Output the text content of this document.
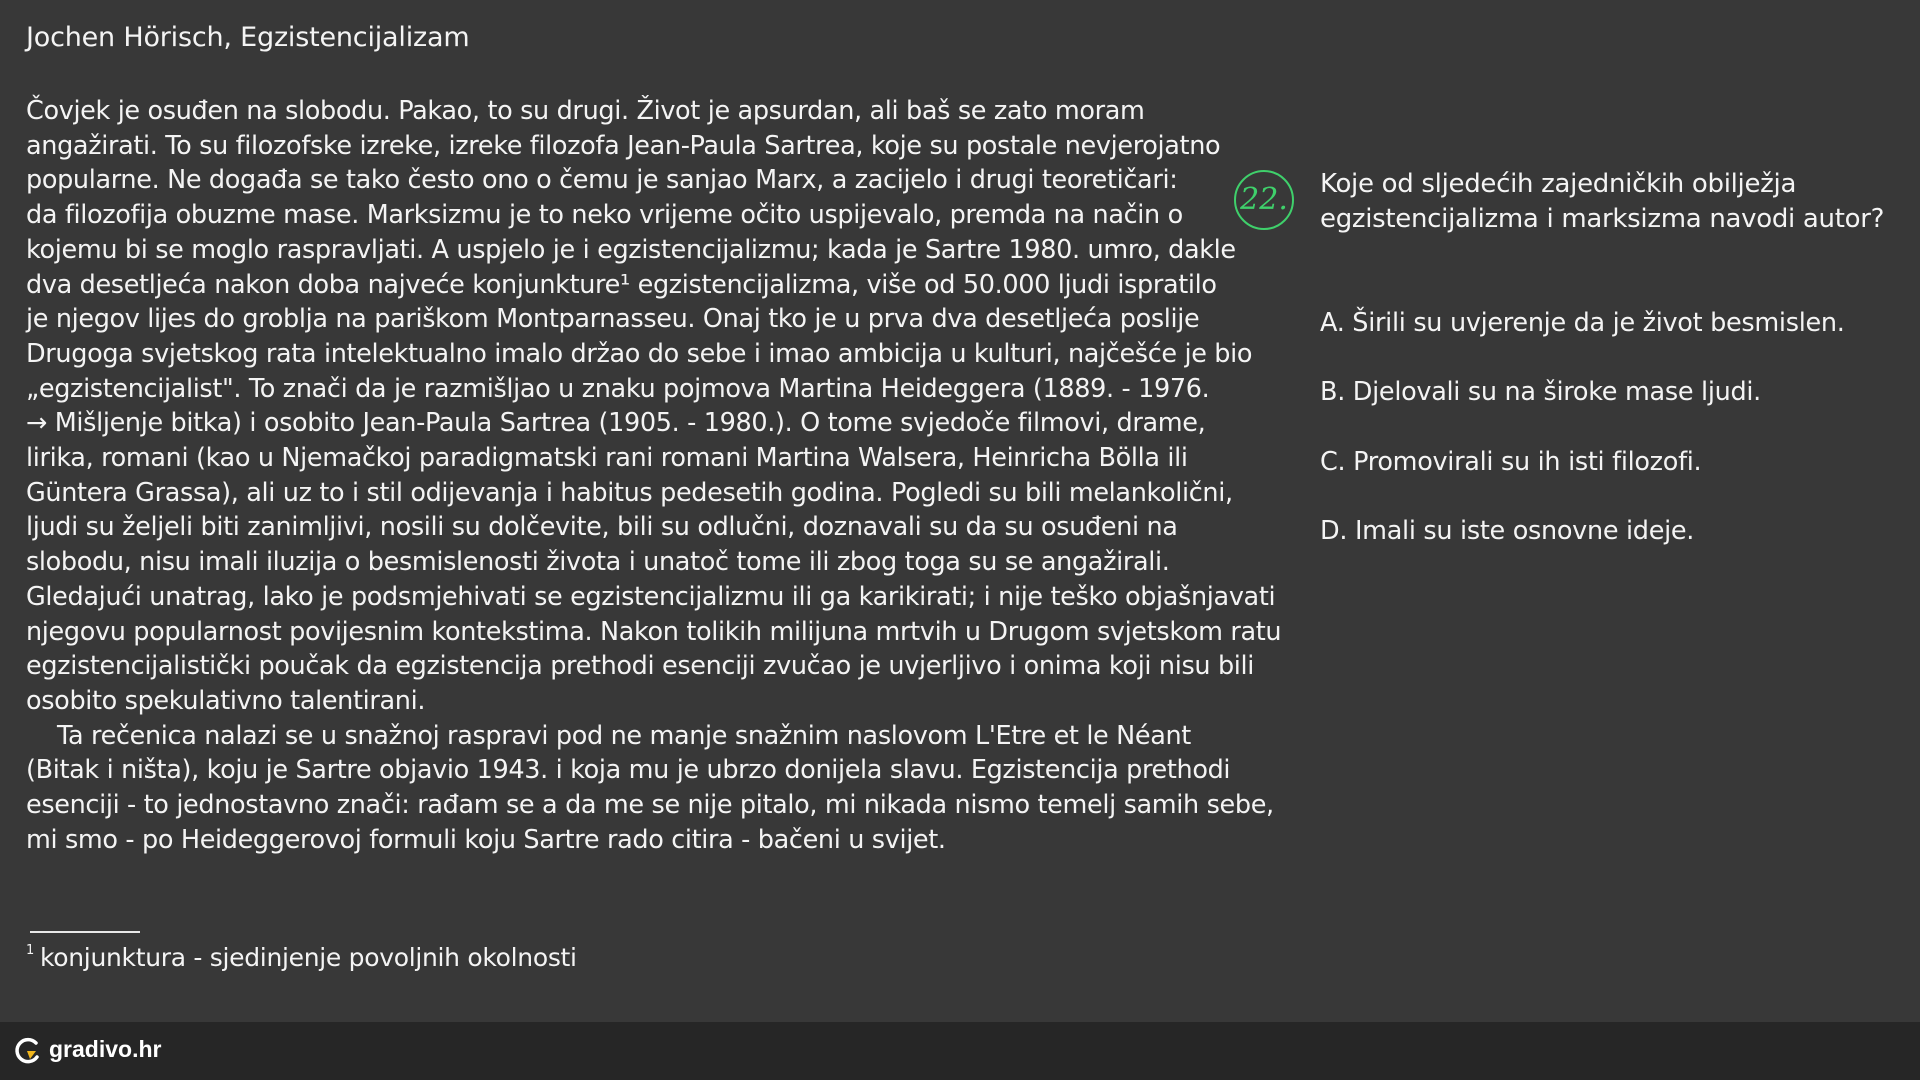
Jochen Hörisch, Egzistencijalizam
Čovjek je osuđen na slobodu. Pakao, to su drugi. Život je apsurdan, ali baš se zato moram
angažirati. To su filozofske izreke, izreke filozofa Jean-Paula Sartrea, koje su postale nevjerojatno
popularne. Ne događa se tako često ono o čemu je sanjao Marx, a zacijelo i drugi teoretičari:
da filozofija obuzme mase. Marksizmu je to neko vrijeme očito uspijevalo, premda na način o
kojemu bi se moglo raspravljati. A uspjelo je i egzistencijalizmu; kada je Sartre 1980. umro, dakle
dva desetljeća nakon doba najveće konjunkture¹ egzistencijalizma, više od 50.000 ljudi ispratilo
je njegov lijes do groblja na pariškom Montparnasseu. Onaj tko je u prva dva desetljeća poslije
Drugoga svjetskog rata intelektualno imalo držao do sebe i imao ambicija u kulturi, najčešće je bio
„egzistencijalist". To znači da je razmišljao u znaku pojmova Martina Heideggera (1889. - 1976.
→ Mišljenje bitka) i osobito Jean-Paula Sartrea (1905. - 1980.). O tome svjedoče filmovi, drame,
lirika, romani (kao u Njemačkoj paradigmatski rani romani Martina Walsera, Heinricha Bölla ili
Güntera Grassa), ali uz to i stil odijevanja i habitus pedesetih godina. Pogledi su bili melankolični,
ljudi su željeli biti zanimljivi, nosili su dolčevite, bili su odlučni, doznavali su da su osuđeni na
slobodu, nisu imali iluzija o besmislenosti života i unatoč tome ili zbog toga su se angažirali.
Gledajući unatrag, lako je podsmjehivati se egzistencijalizmu ili ga karikirati; i nije teško objašnjavati
njegovu popularnost povijesnim kontekstima. Nakon tolikih milijuna mrtvih u Drugom svjetskom ratu
egzistencijalistički poučak da egzistencija prethodi esenciji zvučao je uvjerljivo i onima koji nisu bili
osobito spekulativno talentirani.
Ta rečenica nalazi se u snažnoj raspravi pod ne manje snažnim naslovom L'Etre et le Néant
(Bitak i ništa), koju je Sartre objavio 1943. i koja mu je ubrzo donijela slavu. Egzistencija prethodi
esenciji - to jednostavno znači: rađam se a da me se nije pitalo, mi nikada nismo temelj samih sebe,
mi smo - po Heideggerovoj formuli koju Sartre rado citira - bačeni u svijet.
$^1$ konjunktura - sjedinjenje povoljnih okolnosti
22. Koje od sljedećih zajedničkih obilježja
egzistencijalizma i marksizma navodi autor?
A. Širili su uvjerenje da je život besmislen.
B. Djelovali su na široke mase ljudi.
C. Promovirali su ih isti filozofi.
D. Imali su iste osnovne ideje.
gradivo.hr
